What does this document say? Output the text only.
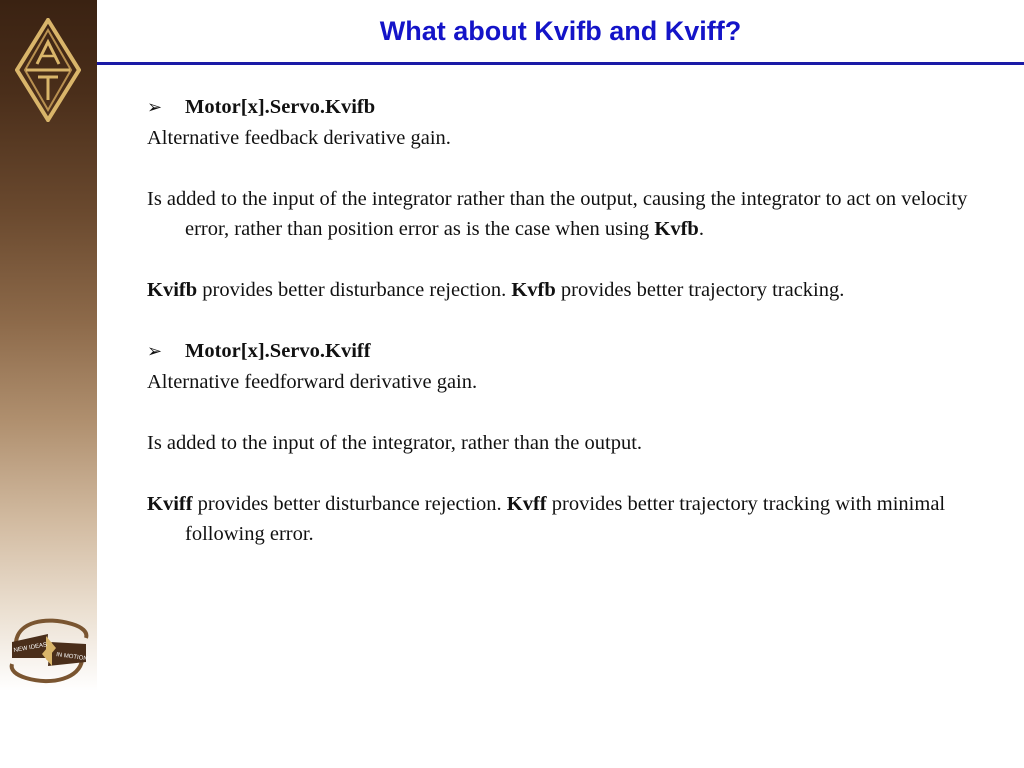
NEW IDEAS
IN MOTION
What about Kvifb and Kviff?
➢ Motor[x].Servo.Kvifb
Alternative feedback derivative gain.
Is added to the input of the integrator rather than the output, causing the integrator to act on velocity error, rather than position error as is the case when using Kvfb.
Kvifb provides better disturbance rejection. Kvfb provides better trajectory tracking.
➢ Motor[x].Servo.Kviff
Alternative feedforward derivative gain.
Is added to the input of the integrator, rather than the output.
Kviff provides better disturbance rejection. Kvff provides better trajectory tracking with minimal following error.
